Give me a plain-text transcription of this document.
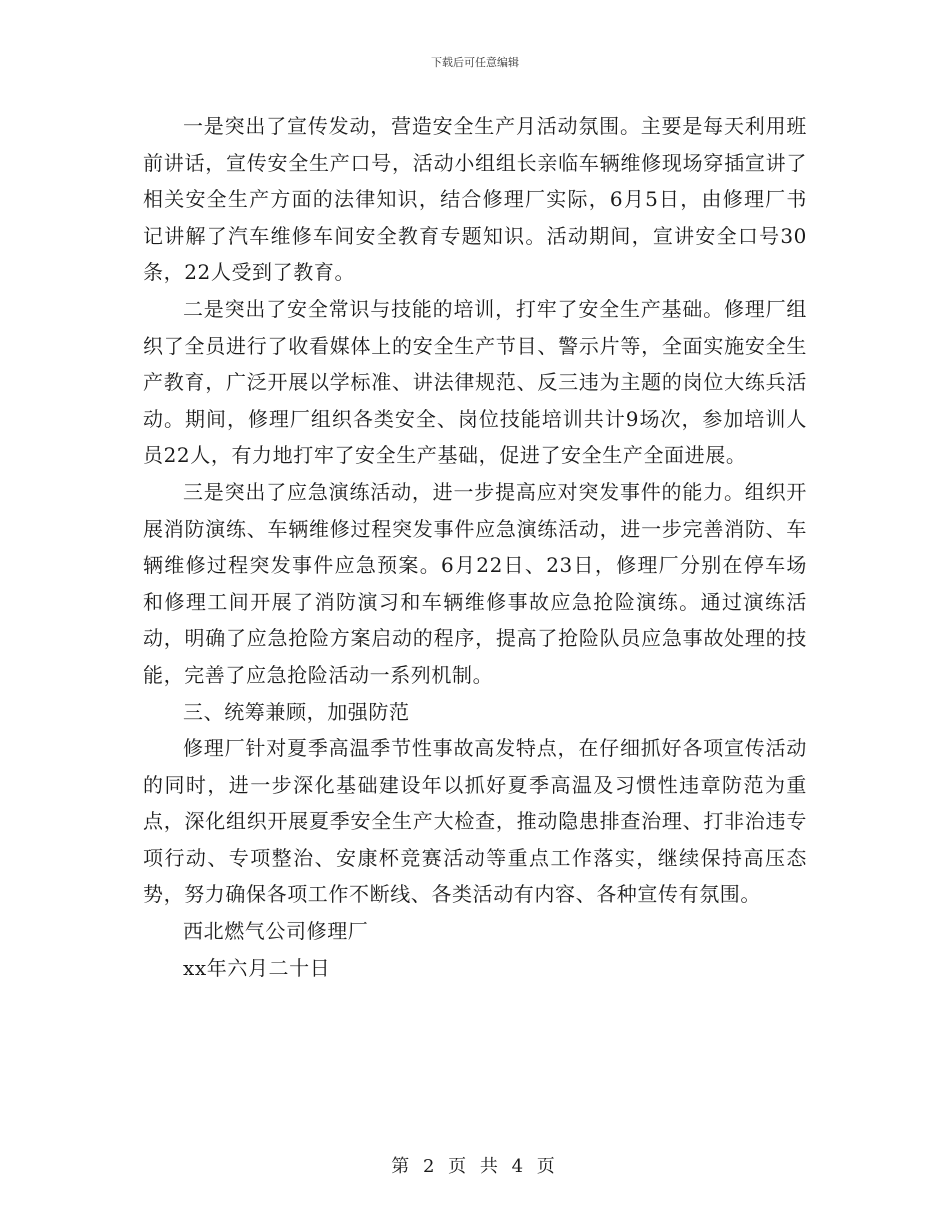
下载后可任意编辑

一是突出了宣传发动，营造安全生产月活动氛围。主要是每天利用班前讲话，宣传安全生产口号，活动小组组长亲临车辆维修现场穿插宣讲了相关安全生产方面的法律知识，结合修理厂实际，6月5日，由修理厂书记讲解了汽车维修车间安全教育专题知识。活动期间，宣讲安全口号30条，22人受到了教育。

二是突出了安全常识与技能的培训，打牢了安全生产基础。修理厂组织了全员进行了收看媒体上的安全生产节目、警示片等，全面实施安全生产教育，广泛开展以学标准、讲法律规范、反三违为主题的岗位大练兵活动。期间，修理厂组织各类安全、岗位技能培训共计9场次，参加培训人员22人，有力地打牢了安全生产基础，促进了安全生产全面进展。

三是突出了应急演练活动，进一步提高应对突发事件的能力。组织开展消防演练、车辆维修过程突发事件应急演练活动，进一步完善消防、车辆维修过程突发事件应急预案。6月22日、23日，修理厂分别在停车场和修理工间开展了消防演习和车辆维修事故应急抢险演练。通过演练活动，明确了应急抢险方案启动的程序，提高了抢险队员应急事故处理的技能，完善了应急抢险活动一系列机制。

三、统筹兼顾，加强防范

修理厂针对夏季高温季节性事故高发特点，在仔细抓好各项宣传活动的同时，进一步深化基础建设年以抓好夏季高温及习惯性违章防范为重点，深化组织开展夏季安全生产大检查，推动隐患排查治理、打非治违专项行动、专项整治、安康杯竞赛活动等重点工作落实，继续保持高压态势，努力确保各项工作不断线、各类活动有内容、各种宣传有氛围。

西北燃气公司修理厂

xx年六月二十日

第 2 页 共 4 页
